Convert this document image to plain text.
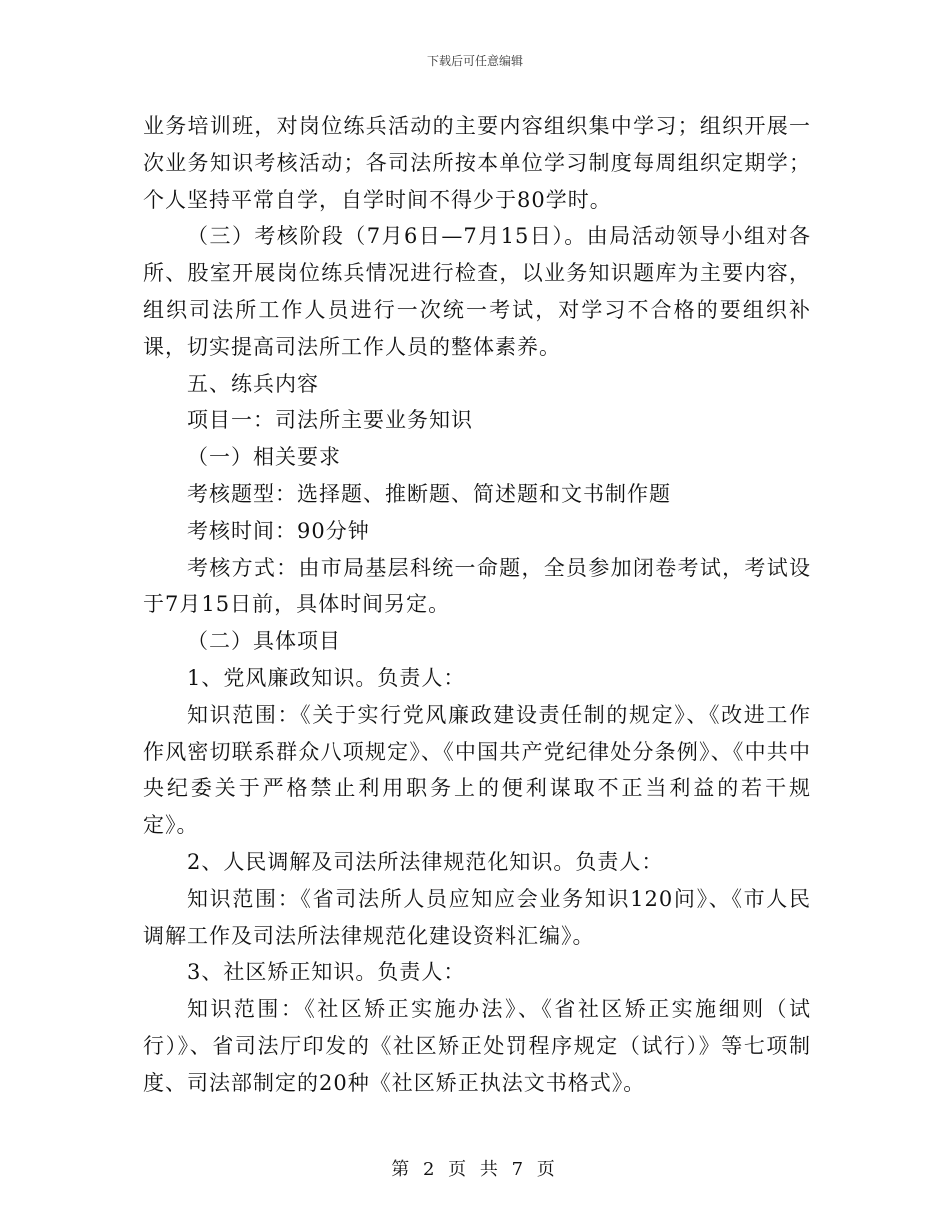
下载后可任意编辑

业务培训班，对岗位练兵活动的主要内容组织集中学习；组织开展一次业务知识考核活动；各司法所按本单位学习制度每周组织定期学；个人坚持平常自学，自学时间不得少于80学时。

（三）考核阶段（7月6日—7月15日）。由局活动领导小组对各所、股室开展岗位练兵情况进行检查，以业务知识题库为主要内容，组织司法所工作人员进行一次统一考试，对学习不合格的要组织补课，切实提高司法所工作人员的整体素养。

五、练兵内容

项目一：司法所主要业务知识

（一）相关要求

考核题型：选择题、推断题、简述题和文书制作题

考核时间：90分钟

考核方式：由市局基层科统一命题，全员参加闭卷考试，考试设于7月15日前，具体时间另定。

（二）具体项目

1、党风廉政知识。负责人：

知识范围：《关于实行党风廉政建设责任制的规定》、《改进工作作风密切联系群众八项规定》、《中国共产党纪律处分条例》、《中共中央纪委关于严格禁止利用职务上的便利谋取不正当利益的若干规定》。

2、人民调解及司法所法律规范化知识。负责人：

知识范围：《省司法所人员应知应会业务知识120问》、《市人民调解工作及司法所法律规范化建设资料汇编》。

3、社区矫正知识。负责人：

知识范围：《社区矫正实施办法》、《省社区矫正实施细则（试行）》、省司法厅印发的《社区矫正处罚程序规定（试行）》等七项制度、司法部制定的20种《社区矫正执法文书格式》。

第 2 页 共 7 页
